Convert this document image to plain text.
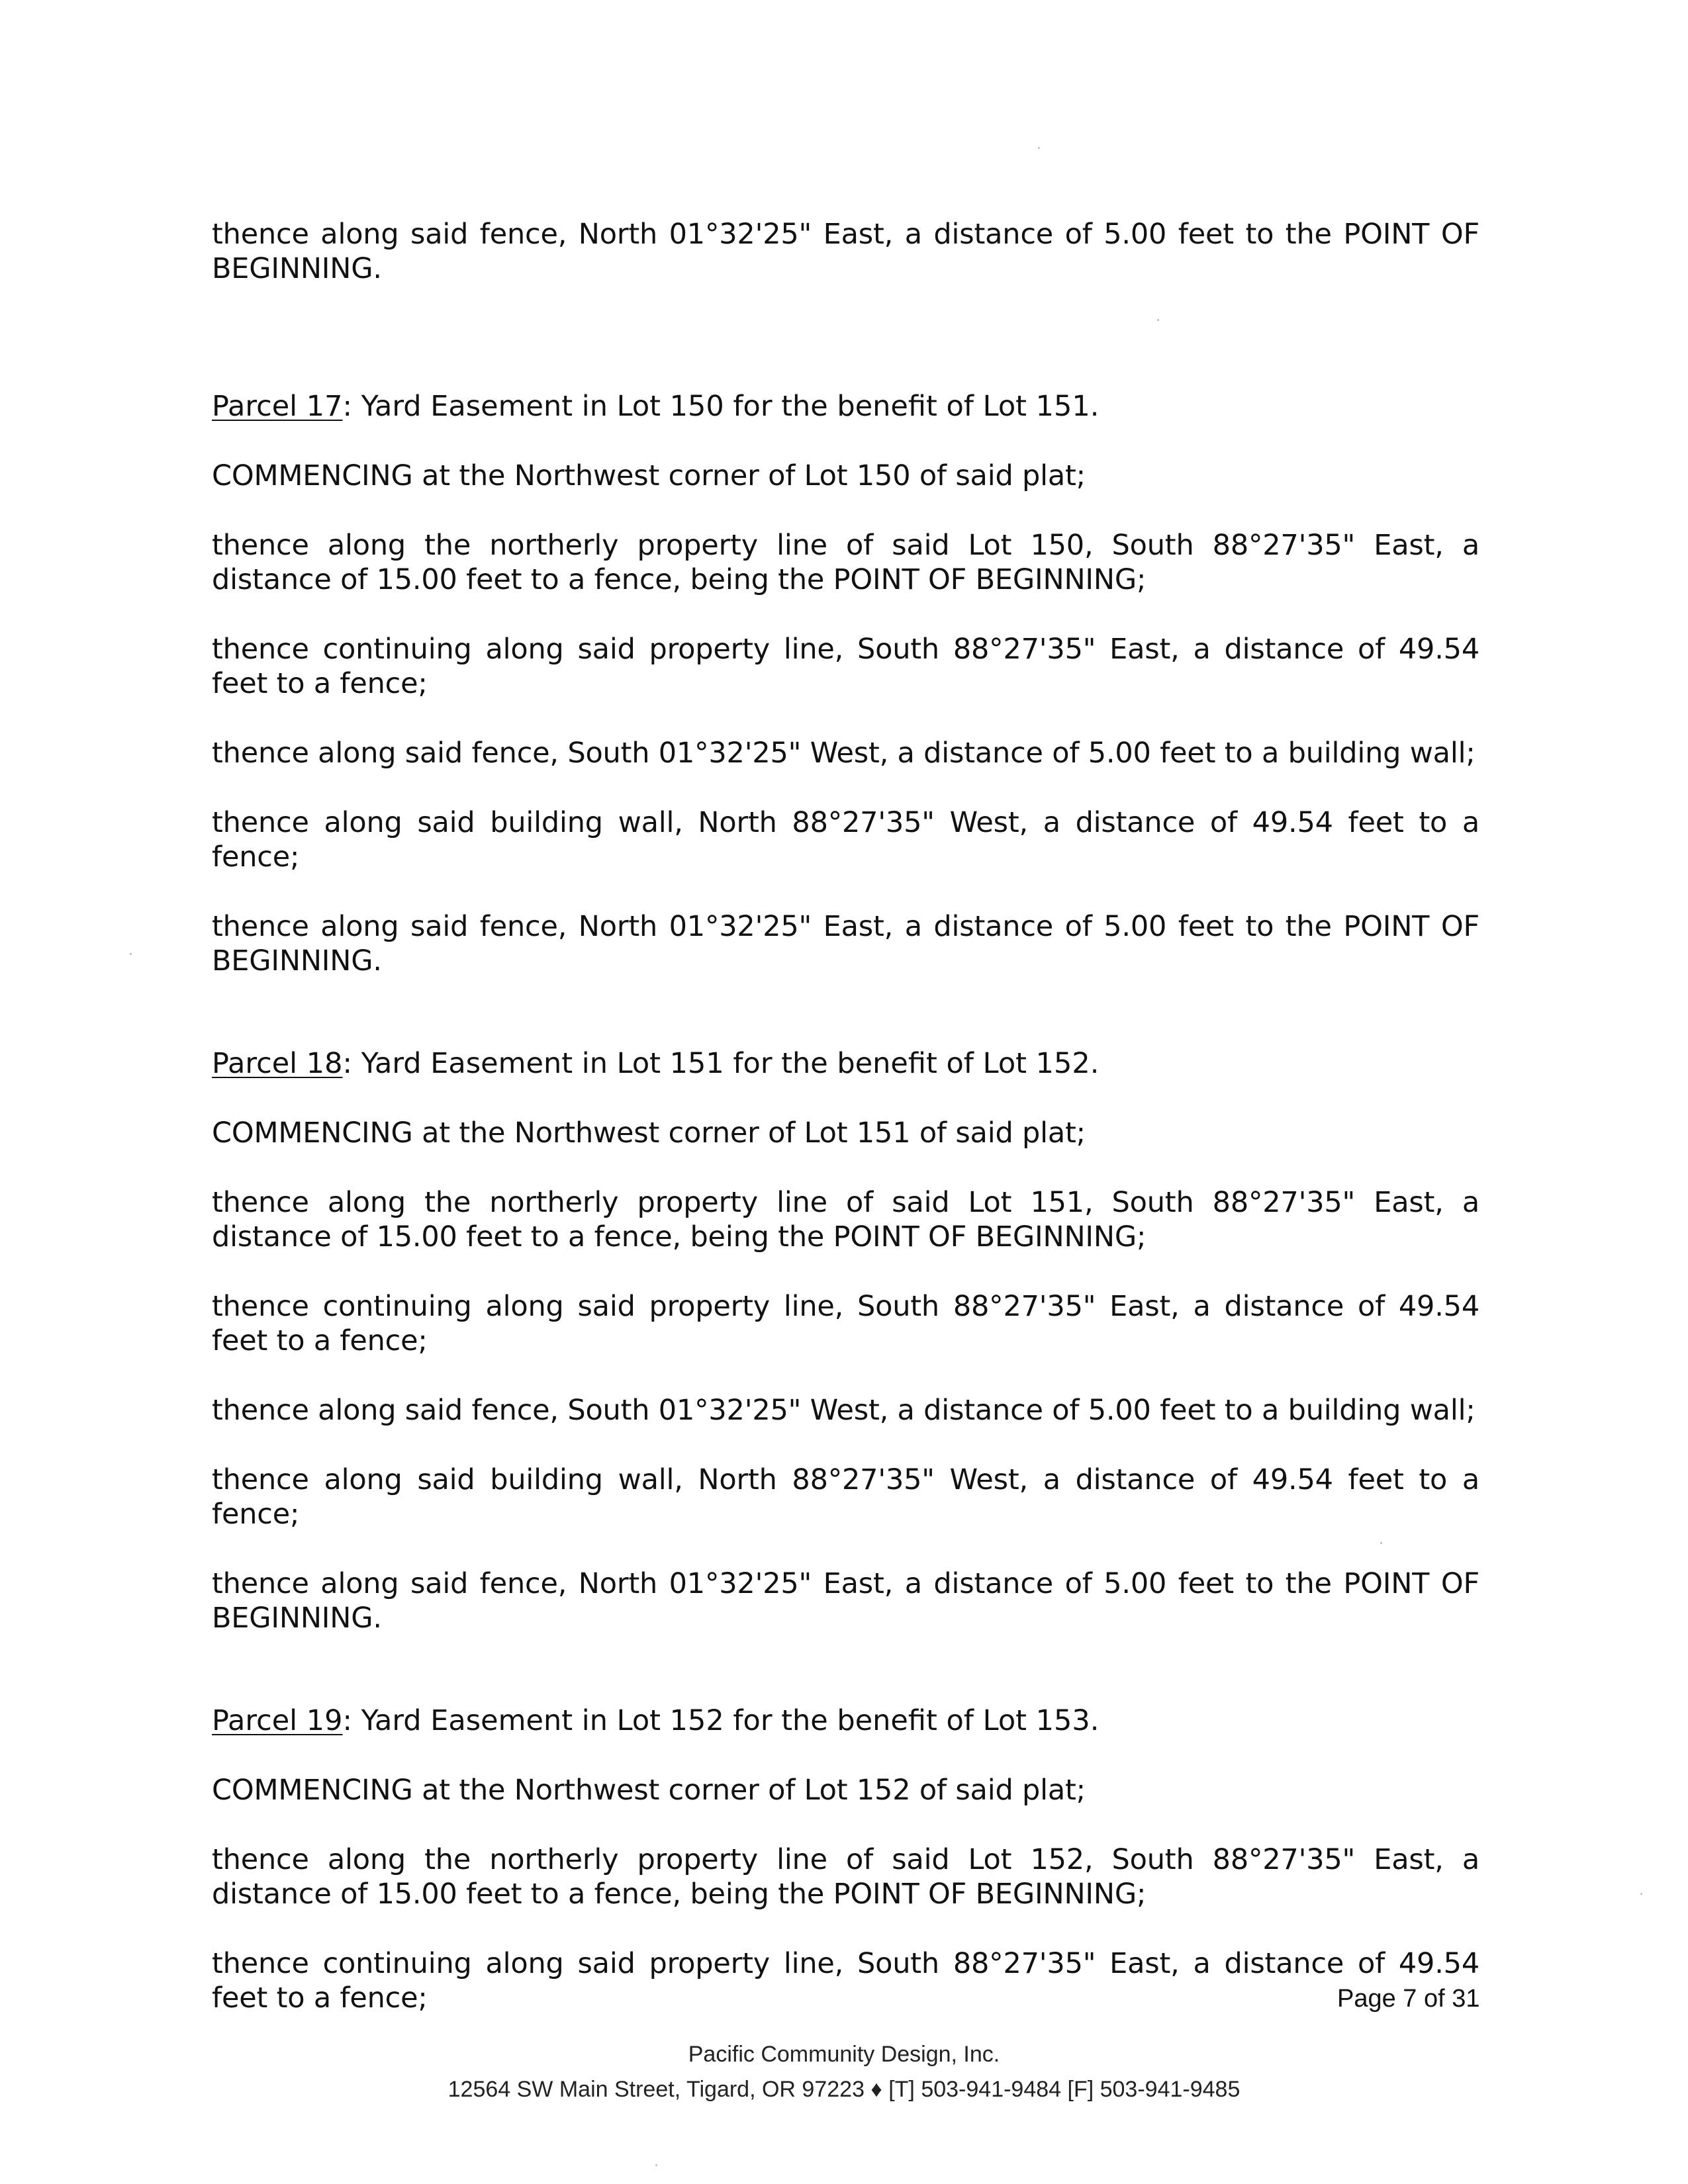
thence along said fence, North 01°32'25" East, a distance of 5.00 feet to the POINT OF BEGINNING.

Parcel 17: Yard Easement in Lot 150 for the benefit of Lot 151.

COMMENCING at the Northwest corner of Lot 150 of said plat;

thence along the northerly property line of said Lot 150, South 88°27'35" East, a distance of 15.00 feet to a fence, being the POINT OF BEGINNING;

thence continuing along said property line, South 88°27'35" East, a distance of 49.54 feet to a fence;

thence along said fence, South 01°32'25" West, a distance of 5.00 feet to a building wall;

thence along said building wall, North 88°27'35" West, a distance of 49.54 feet to a fence;

thence along said fence, North 01°32'25" East, a distance of 5.00 feet to the POINT OF BEGINNING.

Parcel 18: Yard Easement in Lot 151 for the benefit of Lot 152.

COMMENCING at the Northwest corner of Lot 151 of said plat;

thence along the northerly property line of said Lot 151, South 88°27'35" East, a distance of 15.00 feet to a fence, being the POINT OF BEGINNING;

thence continuing along said property line, South 88°27'35" East, a distance of 49.54 feet to a fence;

thence along said fence, South 01°32'25" West, a distance of 5.00 feet to a building wall;

thence along said building wall, North 88°27'35" West, a distance of 49.54 feet to a fence;

thence along said fence, North 01°32'25" East, a distance of 5.00 feet to the POINT OF BEGINNING.

Parcel 19: Yard Easement in Lot 152 for the benefit of Lot 153.

COMMENCING at the Northwest corner of Lot 152 of said plat;

thence along the northerly property line of said Lot 152, South 88°27'35" East, a distance of 15.00 feet to a fence, being the POINT OF BEGINNING;

thence continuing along said property line, South 88°27'35" East, a distance of 49.54 feet to a fence;	Page 7 of 31
Pacific Community Design, Inc.
12564 SW Main Street, Tigard, OR 97223 ♦ [T] 503-941-9484 [F] 503-941-9485
